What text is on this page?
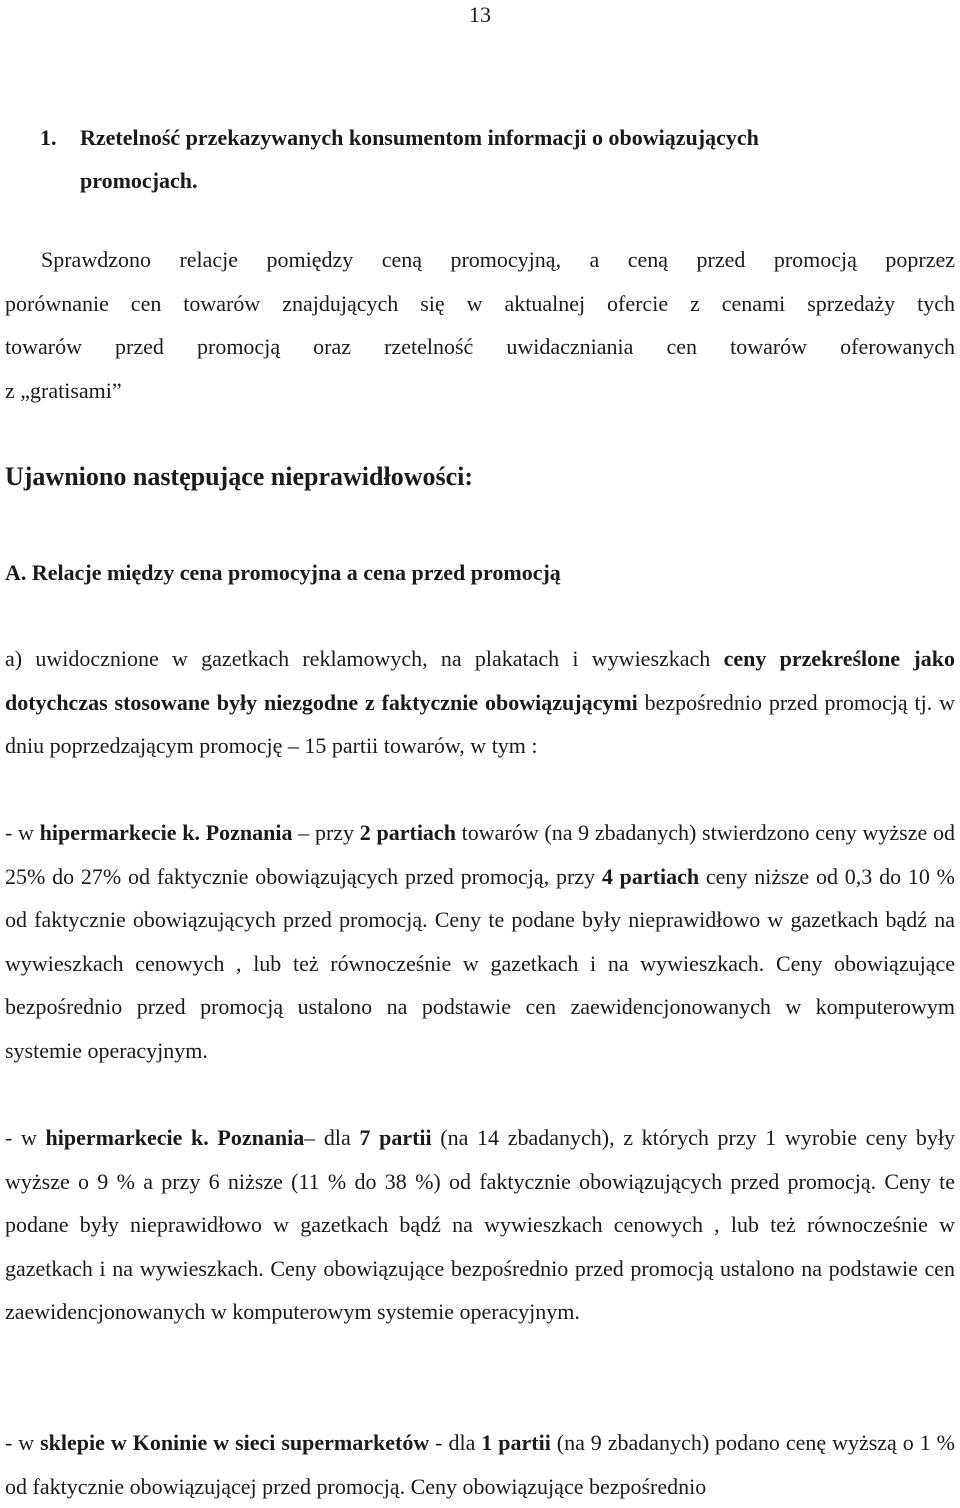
13
1. Rzetelność przekazywanych konsumentom informacji o obowiązujących
promocjach.
Sprawdzono relacje pomiędzy ceną promocyjną, a ceną przed promocją poprzez
porównanie cen towarów znajdujących się w aktualnej ofercie z cenami sprzedaży tych
towarów przed promocją oraz rzetelność uwidaczniania cen towarów oferowanych
z „gratisami”
Ujawniono następujące nieprawidłowości:
A. Relacje między cena promocyjna a cena przed promocją
a) uwidocznione w gazetkach reklamowych, na plakatach i wywieszkach ceny przekreślone jako dotychczas stosowane były niezgodne z faktycznie obowiązującymi bezpośrednio przed promocją tj. w dniu poprzedzającym promocję – 15 partii towarów, w tym :
- w hipermarkecie k. Poznania – przy 2 partiach towarów (na 9 zbadanych) stwierdzono ceny wyższe od 25% do 27% od faktycznie obowiązujących przed promocją, przy 4 partiach ceny niższe od 0,3 do 10 % od faktycznie obowiązujących przed promocją. Ceny te podane były nieprawidłowo w gazetkach bądź na wywieszkach cenowych , lub też równocześnie w gazetkach i na wywieszkach. Ceny obowiązujące bezpośrednio przed promocją ustalono na podstawie cen zaewidencjonowanych w komputerowym systemie operacyjnym.
- w hipermarkecie k. Poznania– dla 7 partii (na 14 zbadanych), z których przy 1 wyrobie ceny były wyższe o 9 % a przy 6 niższe (11 % do 38 %) od faktycznie obowiązujących przed promocją. Ceny te podane były nieprawidłowo w gazetkach bądź na wywieszkach cenowych , lub też równocześnie w gazetkach i na wywieszkach. Ceny obowiązujące bezpośrednio przed promocją ustalono na podstawie cen zaewidencjonowanych w komputerowym systemie operacyjnym.
- w sklepie w Koninie w sieci supermarketów - dla 1 partii (na 9 zbadanych) podano cenę wyższą o 1 % od faktycznie obowiązującej przed promocją. Ceny obowiązujące bezpośrednio
